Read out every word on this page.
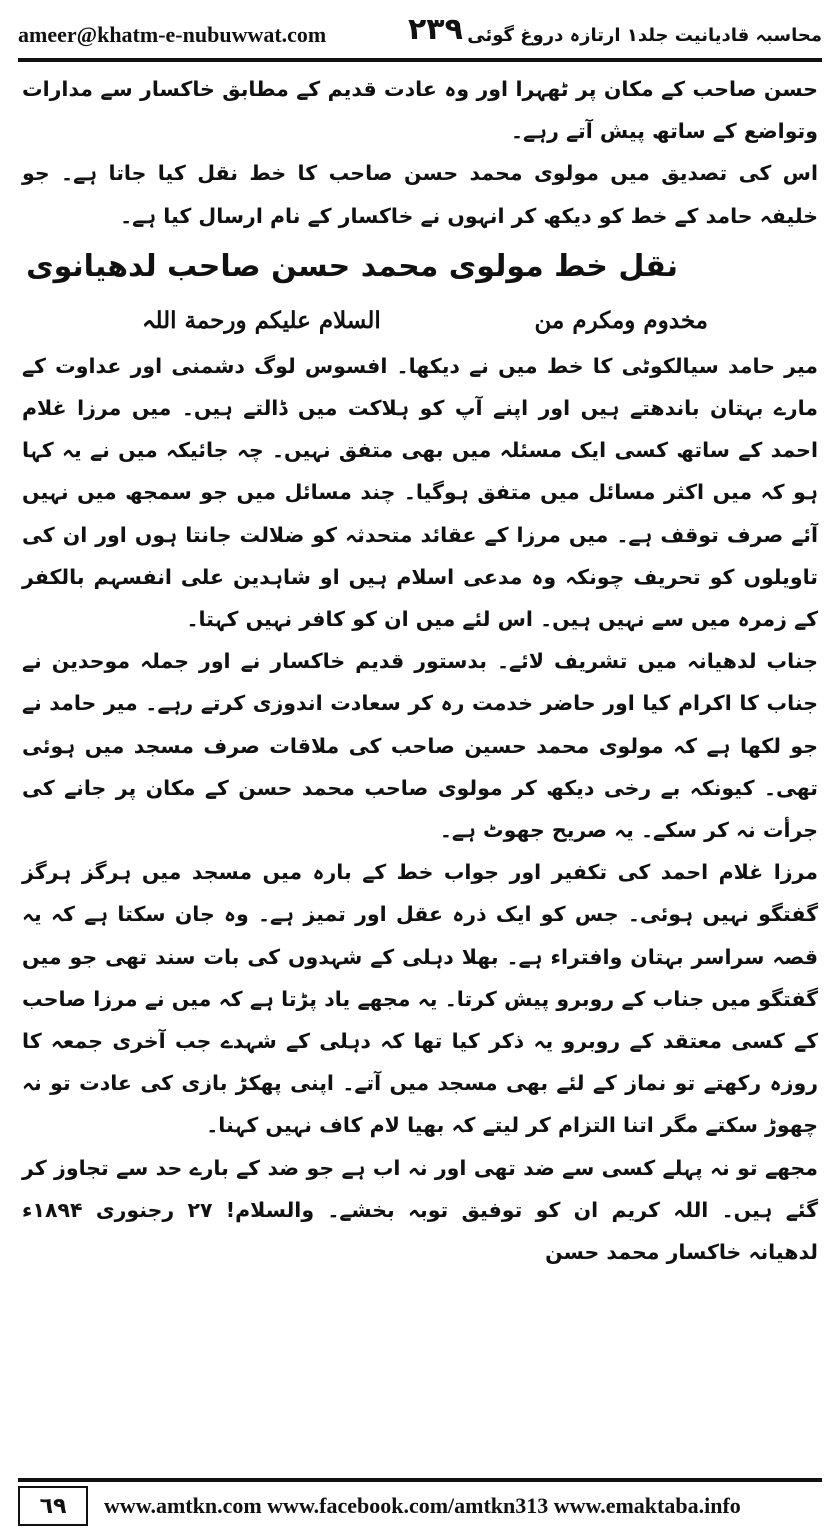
ameer@khatm-e-nubuwwat.com	۲۳۹ محاسبہ قادیانیت جلد۱ ارتازہ دروغ گوئی

حسن صاحب کے مکان پر ٹھہرا اور وہ عادت قدیم کے مطابق خاکسار سے مدارات وتواضع کے ساتھ پیش آتے رہے۔

اس کی تصدیق میں مولوی محمد حسن صاحب کا خط نقل کیا جاتا ہے۔ جو خلیفہ حامد کے خط کو دیکھ کر انہوں نے خاکسار کے نام ارسال کیا ہے۔

نقل خط مولوی محمد حسن صاحب لدھیانوی

مخدوم ومکرم من
السلام علیکم ورحمة اللہ

میر حامد سیالکوٹی کا خط میں نے دیکھا۔ افسوس لوگ دشمنی اور عداوت کے مارے بہتان باندھتے ہیں اور اپنے آپ کو ہلاکت میں ڈالتے ہیں۔ میں مرزا غلام احمد کے ساتھ کسی ایک مسئلہ میں بھی متفق نہیں۔ چہ جائیکہ میں نے یہ کہا ہو کہ میں اکثر مسائل میں متفق ہوگیا۔ چند مسائل میں جو سمجھ میں نہیں آئے صرف توقف ہے۔ میں مرزا کے عقائد متحدثہ کو ضلالت جانتا ہوں اور ان کی تاویلوں کو تحریف چونکہ وہ مدعی اسلام ہیں او شاہدین علی انفسہم بالکفر کے زمرہ میں سے نہیں ہیں۔ اس لئے میں ان کو کافر نہیں کہتا۔

جناب لدھیانہ میں تشریف لائے۔ بدستور قدیم خاکسار نے اور جملہ موحدین نے جناب کا اکرام کیا اور حاضر خدمت رہ کر سعادت اندوزی کرتے رہے۔ میر حامد نے جو لکھا ہے کہ مولوی محمد حسین صاحب کی ملاقات صرف مسجد میں ہوئی تھی۔ کیونکہ بے رخی دیکھ کر مولوی صاحب محمد حسن کے مکان پر جانے کی جرأت نہ کر سکے۔ یہ صریح جھوٹ ہے۔

مرزا غلام احمد کی تکفیر اور جواب خط کے بارہ میں مسجد میں ہرگز ہرگز گفتگو نہیں ہوئی۔ جس کو ایک ذرہ عقل اور تمیز ہے۔ وہ جان سکتا ہے کہ یہ قصہ سراسر بہتان وافتراء ہے۔ بھلا دہلی کے شہدوں کی بات سند تھی جو میں گفتگو میں جناب کے روبرو پیش کرتا۔ یہ مجھے یاد پڑتا ہے کہ میں نے مرزا صاحب کے کسی معتقد کے روبرو یہ ذکر کیا تھا کہ دہلی کے شہدے جب آخری جمعہ کا روزہ رکھتے تو نماز کے لئے بھی مسجد میں آتے۔ اپنی پھکڑ بازی کی عادت تو نہ چھوڑ سکتے مگر اتنا التزام کر لیتے کہ بھیا لام کاف نہیں کہنا۔

مجھے تو نہ پہلے کسی سے ضد تھی اور نہ اب ہے جو ضد کے بارے حد سے تجاوز کر گئے ہیں۔ اللہ کریم ان کو توفیق توبہ بخشے۔ والسلام! ۲۷ رجنوری ۱۸۹۴ء لدھیانہ خاکسار محمد حسن

٦٩	www.amtkn.com www.facebook.com/amtkn313 www.emaktaba.info
